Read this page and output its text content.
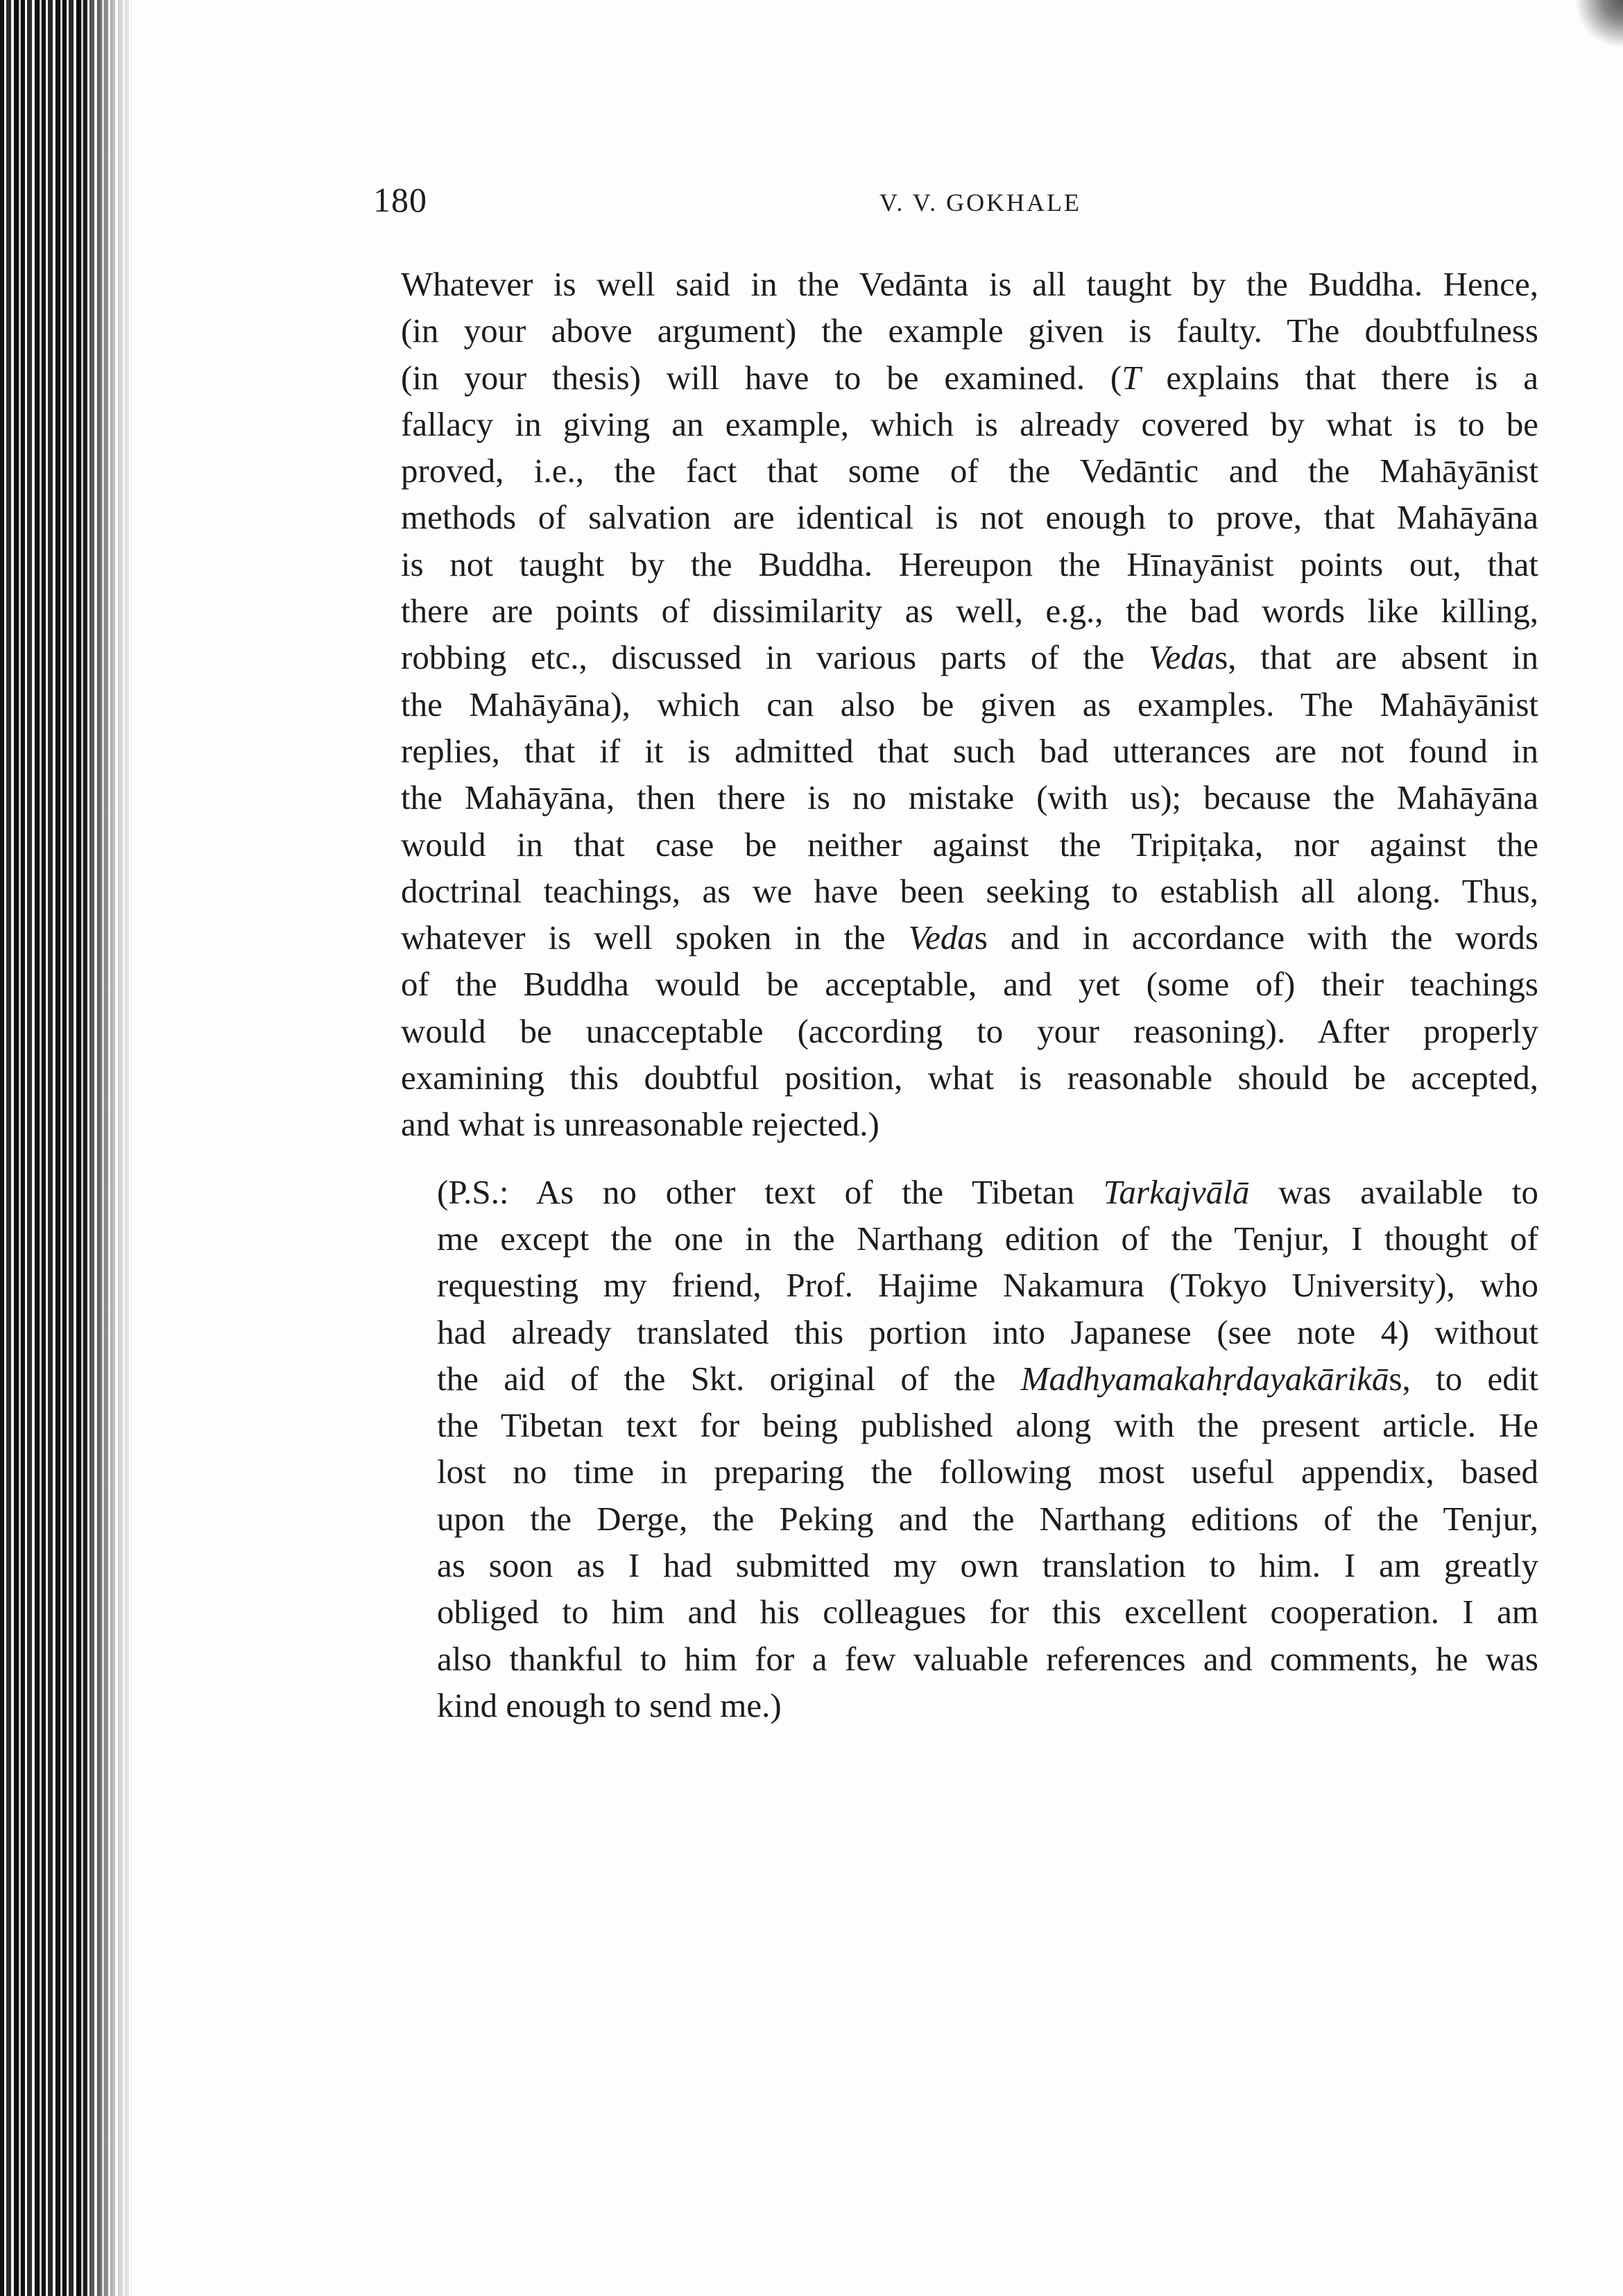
180	V. V. GOKHALE

Whatever is well said in the Vedānta is all taught by the Buddha. Hence,
(in your above argument) the example given is faulty. The doubtfulness
(in your thesis) will have to be examined. (T explains that there is a
fallacy in giving an example, which is already covered by what is to be
proved, i.e., the fact that some of the Vedāntic and the Mahāyānist
methods of salvation are identical is not enough to prove, that Mahāyāna
is not taught by the Buddha. Hereupon the Hīnayānist points out, that
there are points of dissimilarity as well, e.g., the bad words like killing,
robbing etc., discussed in various parts of the Vedas, that are absent in
the Mahāyāna), which can also be given as examples. The Mahāyānist
replies, that if it is admitted that such bad utterances are not found in
the Mahāyāna, then there is no mistake (with us); because the Mahāyāna
would in that case be neither against the Tripiṭaka, nor against the
doctrinal teachings, as we have been seeking to establish all along. Thus,
whatever is well spoken in the Vedas and in accordance with the words
of the Buddha would be acceptable, and yet (some of) their teachings
would be unacceptable (according to your reasoning). After properly
examining this doubtful position, what is reasonable should be accepted,
and what is unreasonable rejected.)

(P.S.: As no other text of the Tibetan Tarkajvālā was available to
me except the one in the Narthang edition of the Tenjur, I thought of
requesting my friend, Prof. Hajime Nakamura (Tokyo University), who
had already translated this portion into Japanese (see note 4) without
the aid of the Skt. original of the Madhyamakahṛdayakārikās, to edit
the Tibetan text for being published along with the present article. He
lost no time in preparing the following most useful appendix, based
upon the Derge, the Peking and the Narthang editions of the Tenjur,
as soon as I had submitted my own translation to him. I am greatly
obliged to him and his colleagues for this excellent cooperation. I am
also thankful to him for a few valuable references and comments, he was
kind enough to send me.)
